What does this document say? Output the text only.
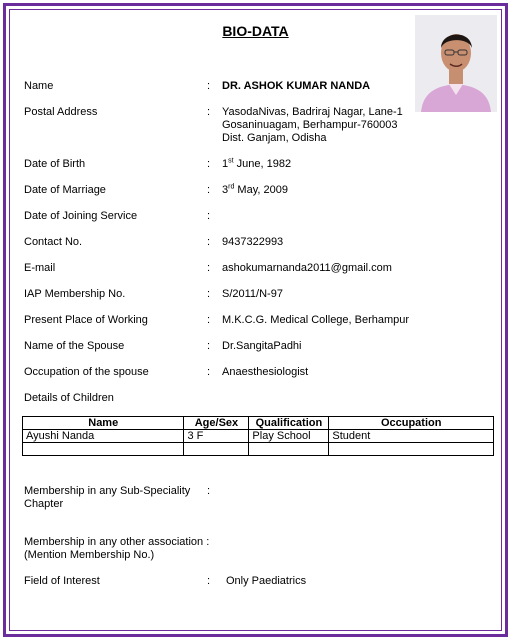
BIO-DATA
Name	: DR. ASHOK KUMAR NANDA
Postal Address	: YasodaNivas, Badriraj Nagar, Lane-1
Gosaninuagam, Berhampur-760003
Dist. Ganjam, Odisha
Date of Birth	: 1st June, 1982
Date of Marriage	: 3rd May, 2009
Date of Joining Service	:
Contact No.	: 9437322993
E-mail	: ashokumarnanda2011@gmail.com
IAP Membership No.	: S/2011/N-97
Present Place of Working	: M.K.C.G. Medical College, Berhampur
Name of the Spouse	: Dr.SangitaPadhi
Occupation of the spouse	: Anaesthesiologist
Details of Children
Name	Age/Sex	Qualification	Occupation
Ayushi Nanda	3 F	Play School	Student

Membership in any Sub-Speciality :
Chapter
Membership in any other association :
(Mention Membership No.)
Field of Interest	: Only Paediatrics
